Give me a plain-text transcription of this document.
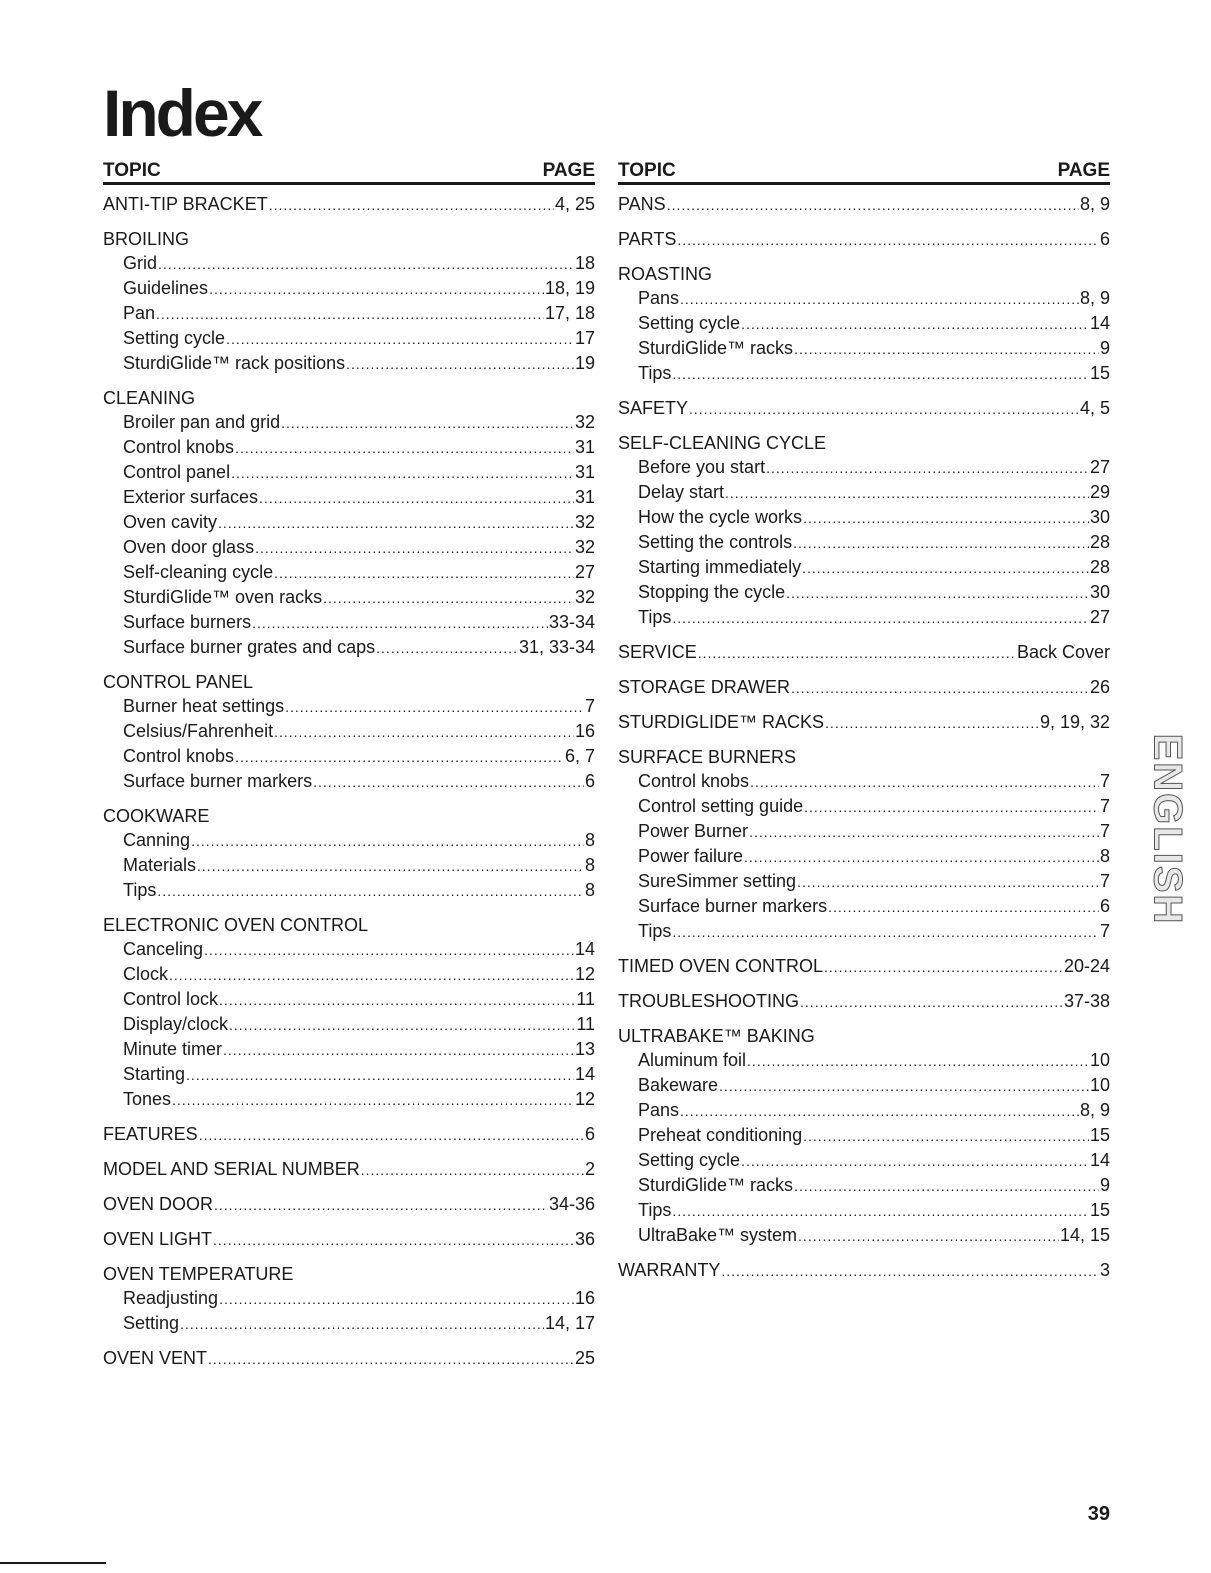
Index
TOPIC	PAGE
ANTI-TIP BRACKET .....	4, 25
BROILING
Grid .....	18
Guidelines .....	18, 19
Pan .....	17, 18
Setting cycle .....	17
SturdiGlide™ rack positions .....	19
CLEANING
Broiler pan and grid .....	32
Control knobs .....	31
Control panel .....	31
Exterior surfaces .....	31
Oven cavity .....	32
Oven door glass .....	32
Self-cleaning cycle .....	27
SturdiGlide™ oven racks .....	32
Surface burners .....	33-34
Surface burner grates and caps .....	31, 33-34
CONTROL PANEL
Burner heat settings .....	7
Celsius/Fahrenheit .....	16
Control knobs .....	6, 7
Surface burner markers .....	6
COOKWARE
Canning .....	8
Materials .....	8
Tips .....	8
ELECTRONIC OVEN CONTROL
Canceling .....	14
Clock .....	12
Control lock .....	11
Display/clock .....	11
Minute timer .....	13
Starting .....	14
Tones .....	12
FEATURES .....	6
MODEL AND SERIAL NUMBER .....	2
OVEN DOOR .....	34-36
OVEN LIGHT .....	36
OVEN TEMPERATURE
Readjusting .....	16
Setting .....	14, 17
OVEN VENT .....	25
TOPIC	PAGE
PANS .....	8, 9
PARTS .....	6
ROASTING
Pans .....	8, 9
Setting cycle .....	14
SturdiGlide™ racks .....	9
Tips .....	15
SAFETY .....	4, 5
SELF-CLEANING CYCLE
Before you start .....	27
Delay start .....	29
How the cycle works .....	30
Setting the controls .....	28
Starting immediately .....	28
Stopping the cycle .....	30
Tips .....	27
SERVICE .....	Back Cover
STORAGE DRAWER .....	26
STURDIGLIDE™ RACKS .....	9, 19, 32
SURFACE BURNERS
Control knobs .....	7
Control setting guide .....	7
Power Burner .....	7
Power failure .....	8
SureSimmer setting .....	7
Surface burner markers .....	6
Tips .....	7
TIMED OVEN CONTROL .....	20-24
TROUBLESHOOTING .....	37-38
ULTRABAKE™ BAKING
Aluminum foil .....	10
Bakeware .....	10
Pans .....	8, 9
Preheat conditioning .....	15
Setting cycle .....	14
SturdiGlide™ racks .....	9
Tips .....	15
UltraBake™ system .....	14, 15
WARRANTY .....	3
ENGLISH
39
